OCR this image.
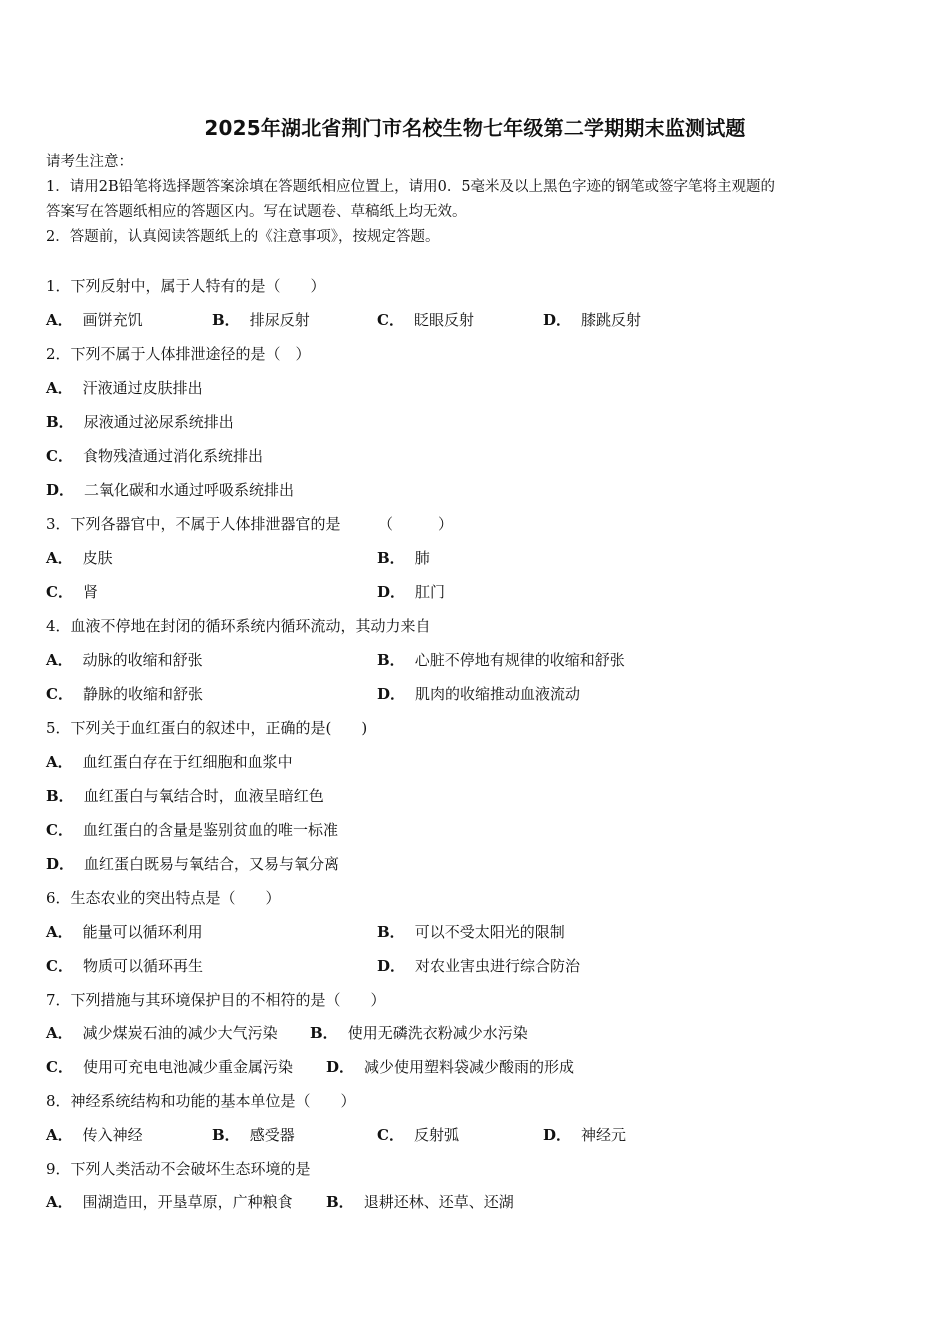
2025年湖北省荆门市名校生物七年级第二学期期末监测试题
请考生注意：
1．请用2B铅笔将选择题答案涂填在答题纸相应位置上，请用0．5毫米及以上黑色字迹的钢笔或签字笔将主观题的
答案写在答题纸相应的答题区内。写在试题卷、草稿纸上均无效。
2．答题前，认真阅读答题纸上的《注意事项》，按规定答题。
1．下列反射中，属于人特有的是（　　）
A． 画饼充饥	B． 排尿反射	C． 眨眼反射	D． 膝跳反射
2．下列不属于人体排泄途径的是（　）
A． 汗液通过皮肤排出
B． 尿液通过泌尿系统排出
C． 食物残渣通过消化系统排出
D． 二氧化碳和水通过呼吸系统排出
3．下列各器官中，不属于人体排泄器官的是　　　（　　　）
A． 皮肤	B． 肺
C． 肾	D． 肛门
4．血液不停地在封闭的循环系统内循环流动，其动力来自
A． 动脉的收缩和舒张	B． 心脏不停地有规律的收缩和舒张
C． 静脉的收缩和舒张	D． 肌肉的收缩推动血液流动
5．下列关于血红蛋白的叙述中，正确的是(　　)
A． 血红蛋白存在于红细胞和血浆中
B． 血红蛋白与氧结合时，血液呈暗红色
C． 血红蛋白的含量是鉴别贫血的唯一标准
D． 血红蛋白既易与氧结合，又易与氧分离
6．生态农业的突出特点是（　　）
A． 能量可以循环利用	B． 可以不受太阳光的限制
C． 物质可以循环再生	D． 对农业害虫进行综合防治
7．下列措施与其环境保护目的不相符的是（　　）
A． 减少煤炭石油的减少大气污染 B． 使用无磷洗衣粉减少水污染
C． 使用可充电电池减少重金属污染 D． 减少使用塑料袋减少酸雨的形成
8．神经系统结构和功能的基本单位是（　　）
A． 传入神经	B． 感受器	C． 反射弧	D． 神经元
9．下列人类活动不会破坏生态环境的是
A． 围湖造田，开垦草原，广种粮食 B． 退耕还林、还草、还湖
